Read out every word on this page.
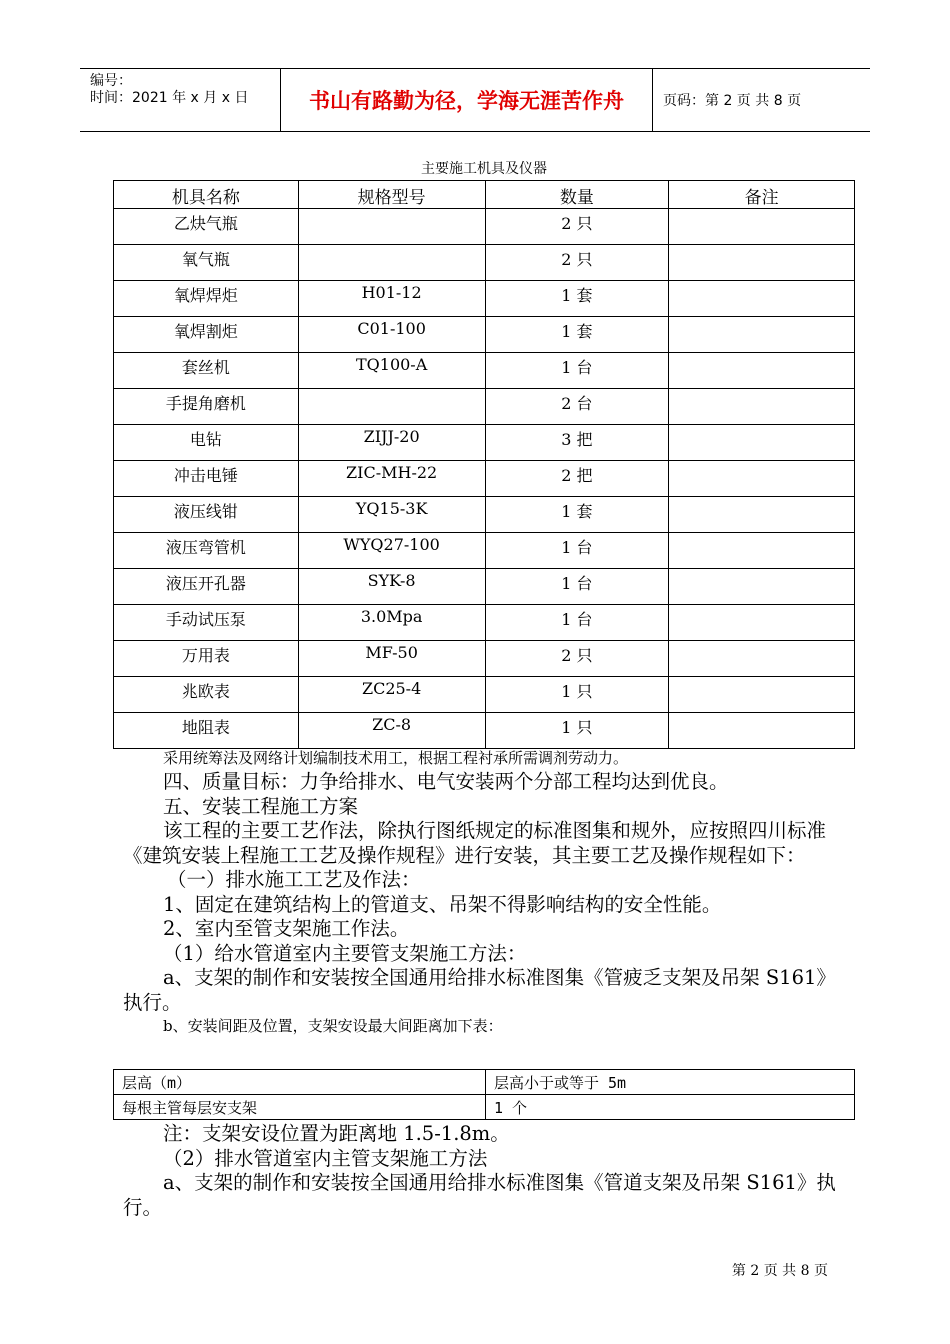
编号：
时间：2021 年 x 月 x 日	书山有路勤为径，学海无涯苦作舟	页码：第 2 页 共 8 页
主要施工机具及仪器
机具名称	规格型号	数量	备注
乙炔气瓶		2 只	
氧气瓶		2 只	
氧焊焊炬	H01-12	1 套	
氧焊割炬	C01-100	1 套	
套丝机	TQ100-A	1 台	
手提角磨机		2 台	
电钻	ZIJJ-20	3 把	
冲击电锤	ZIC-MH-22	2 把	
液压线钳	YQ15-3K	1 套	
液压弯管机	WYQ27-100	1 台	
液压开孔器	SYK-8	1 台	
手动试压泵	3.0Mpa	1 台	
万用表	MF-50	2 只	
兆欧表	ZC25-4	1 只	
地阻表	ZC-8	1 只	

采用统筹法及网络计划编制技术用工，根据工程衬承所需调剂劳动力。

四、质量目标：力争给排水、电气安装两个分部工程均达到优良。

五、安装工程施工方案

该工程的主要工艺作法，除执行图纸规定的标准图集和规外，应按照四川标准《建筑安装上程施工工艺及操作规程》进行安装，其主要工艺及操作规程如下：

（一）排水施工工艺及作法：

1、固定在建筑结构上的管道支、吊架不得影响结构的安全性能。

2、室内至管支架施工作法。

（1）给水管道室内主要管支架施工方法：

a、支架的制作和安装按全国通用给排水标准图集《管疲乏支架及吊架 S161》执行。

b、安装间距及位置，支架安设最大间距离加下表：

层高（m）	层高小于或等于 5m
每根主管每层安支架	1 个

注：支架安设位置为距离地 1.5-1.8m。

（2）排水管道室内主管支架施工方法

a、支架的制作和安装按全国通用给排水标准图集《管道支架及吊架 S161》执行。

第 2 页 共 8 页
